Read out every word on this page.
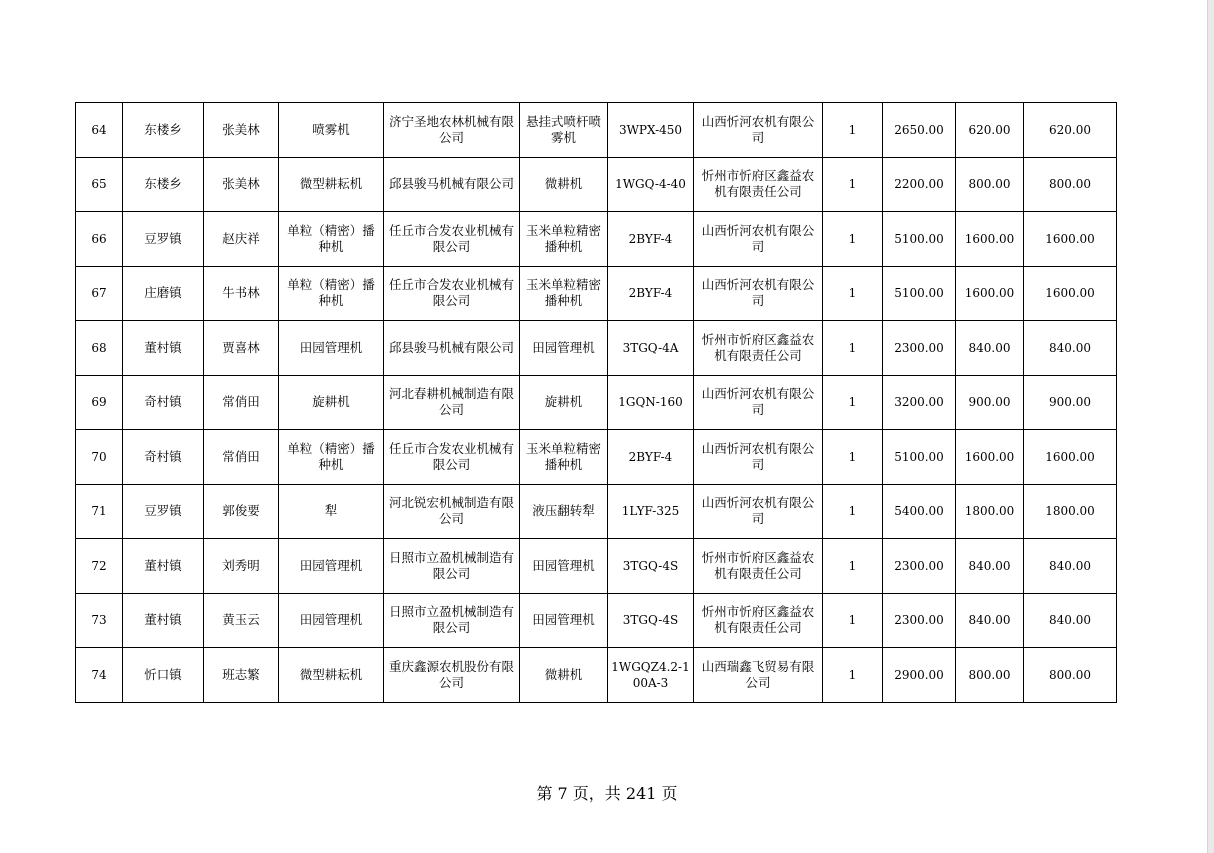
64	东楼乡	张美林	喷雾机	济宁圣地农林机械有限公司	悬挂式喷杆喷雾机	3WPX-450	山西忻河农机有限公司	1	2650.00	620.00	620.00
65	东楼乡	张美林	微型耕耘机	邱县骏马机械有限公司	微耕机	1WGQ-4-40	忻州市忻府区鑫益农机有限责任公司	1	2200.00	800.00	800.00
66	豆罗镇	赵庆祥	单粒（精密）播种机	任丘市合发农业机械有限公司	玉米单粒精密播种机	2BYF-4	山西忻河农机有限公司	1	5100.00	1600.00	1600.00
67	庄磨镇	牛书林	单粒（精密）播种机	任丘市合发农业机械有限公司	玉米单粒精密播种机	2BYF-4	山西忻河农机有限公司	1	5100.00	1600.00	1600.00
68	董村镇	贾喜林	田园管理机	邱县骏马机械有限公司	田园管理机	3TGQ-4A	忻州市忻府区鑫益农机有限责任公司	1	2300.00	840.00	840.00
69	奇村镇	常俏田	旋耕机	河北春耕机械制造有限公司	旋耕机	1GQN-160	山西忻河农机有限公司	1	3200.00	900.00	900.00
70	奇村镇	常俏田	单粒（精密）播种机	任丘市合发农业机械有限公司	玉米单粒精密播种机	2BYF-4	山西忻河农机有限公司	1	5100.00	1600.00	1600.00
71	豆罗镇	郭俊要	犁	河北锐宏机械制造有限公司	液压翻转犁	1LYF-325	山西忻河农机有限公司	1	5400.00	1800.00	1800.00
72	董村镇	刘秀明	田园管理机	日照市立盈机械制造有限公司	田园管理机	3TGQ-4S	忻州市忻府区鑫益农机有限责任公司	1	2300.00	840.00	840.00
73	董村镇	黄玉云	田园管理机	日照市立盈机械制造有限公司	田园管理机	3TGQ-4S	忻州市忻府区鑫益农机有限责任公司	1	2300.00	840.00	840.00
74	忻口镇	班志繁	微型耕耘机	重庆鑫源农机股份有限公司	微耕机	1WGQZ4.2-100A-3	山西瑞鑫飞贸易有限公司	1	2900.00	800.00	800.00
第 7 页，共 241 页
